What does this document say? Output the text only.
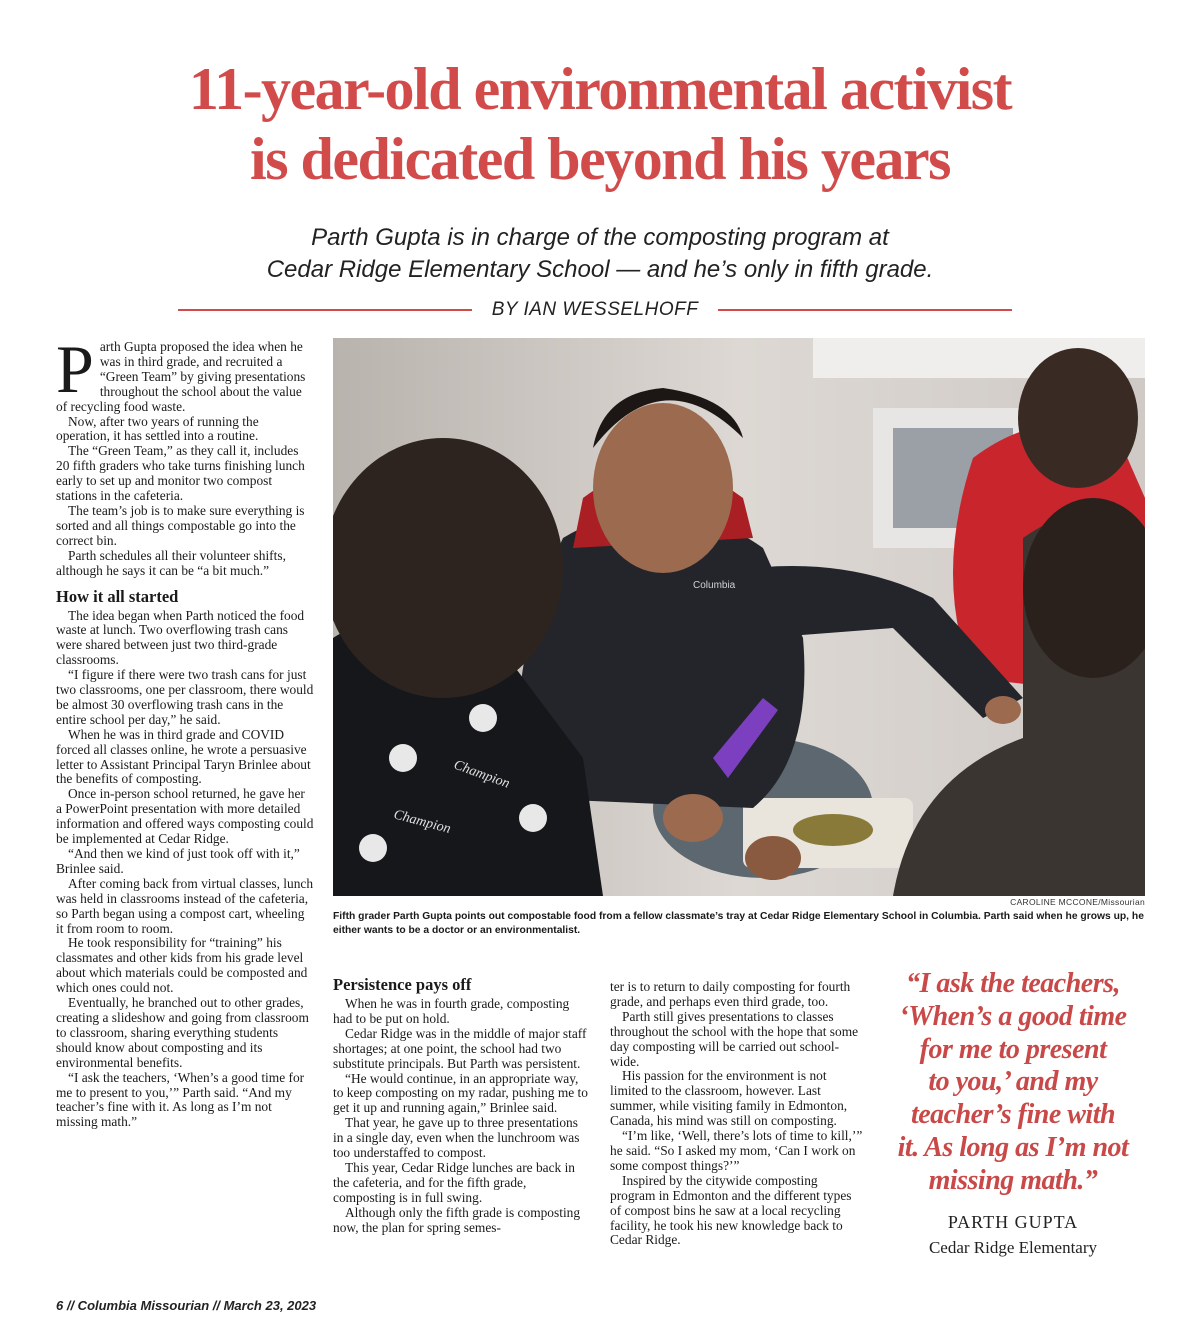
11-year-old environmental activist
is dedicated beyond his years
Parth Gupta is in charge of the composting program at
Cedar Ridge Elementary School — and he’s only in fifth grade.
BY IAN WESSELHOFF

Parth Gupta proposed the idea when he was in third grade, and recruited a “Green Team” by giving presentations throughout the school about the value of recycling food waste.

Now, after two years of running the operation, it has settled into a routine.

The “Green Team,” as they call it, includes 20 fifth graders who take turns finishing lunch early to set up and monitor two compost stations in the cafeteria.

The team’s job is to make sure everything is sorted and all things compostable go into the correct bin.

Parth schedules all their volunteer shifts, although he says it can be “a bit much.”

How it all started

The idea began when Parth noticed the food waste at lunch. Two overflowing trash cans were shared between just two third-grade classrooms.

“I figure if there were two trash cans for just two classrooms, one per classroom, there would be almost 30 overflowing trash cans in the entire school per day,” he said.

When he was in third grade and COVID forced all classes online, he wrote a persuasive letter to Assistant Principal Taryn Brinlee about the benefits of composting.

Once in-person school returned, he gave her a PowerPoint presentation with more detailed information and offered ways composting could be implemented at Cedar Ridge.

“And then we kind of just took off with it,” Brinlee said.

After coming back from virtual classes, lunch was held in classrooms instead of the cafeteria, so Parth began using a compost cart, wheeling it from room to room.

He took responsibility for “training” his classmates and other kids from his grade level about which materials could be composted and which ones could not.

Eventually, he branched out to other grades, creating a slideshow and going from classroom to classroom, sharing everything students should know about composting and its environmental benefits.

“I ask the teachers, ‘When’s a good time for me to present to you,’” Parth said. “And my teacher’s fine with it. As long as I’m not missing math.”

Columbia
Champion
Champion
CAROLINE MCCONE/Missourian
Fifth grader Parth Gupta points out compostable food from a fellow classmate’s tray at Cedar Ridge Elementary School in Columbia. Parth said when he grows up, he either wants to be a doctor or an environmentalist.
Persistence pays off

When he was in fourth grade, composting had to be put on hold.

Cedar Ridge was in the middle of major staff shortages; at one point, the school had two substitute principals. But Parth was persistent.

“He would continue, in an appropriate way, to keep composting on my radar, pushing me to get it up and running again,” Brinlee said.

That year, he gave up to three presentations in a single day, even when the lunchroom was too understaffed to compost.

This year, Cedar Ridge lunches are back in the cafeteria, and for the fifth grade, composting is in full swing.

Although only the fifth grade is composting now, the plan for spring semes-

ter is to return to daily composting for fourth grade, and perhaps even third grade, too.

Parth still gives presentations to classes throughout the school with the hope that some day composting will be carried out school-wide.

His passion for the environment is not limited to the classroom, however. Last summer, while visiting family in Edmonton, Canada, his mind was still on composting.

“I’m like, ‘Well, there’s lots of time to kill,’” he said. “So I asked my mom, ‘Can I work on some compost things?’”

Inspired by the citywide composting program in Edmonton and the different types of compost bins he saw at a local recycling facility, he took his new knowledge back to Cedar Ridge.

“I ask the teachers,
‘When’s a good time
for me to present
to you,’ and my
teacher’s fine with
it. As long as I’m not
missing math.”
PARTH GUPTA
Cedar Ridge Elementary
6 // Columbia Missourian // March 23, 2023
